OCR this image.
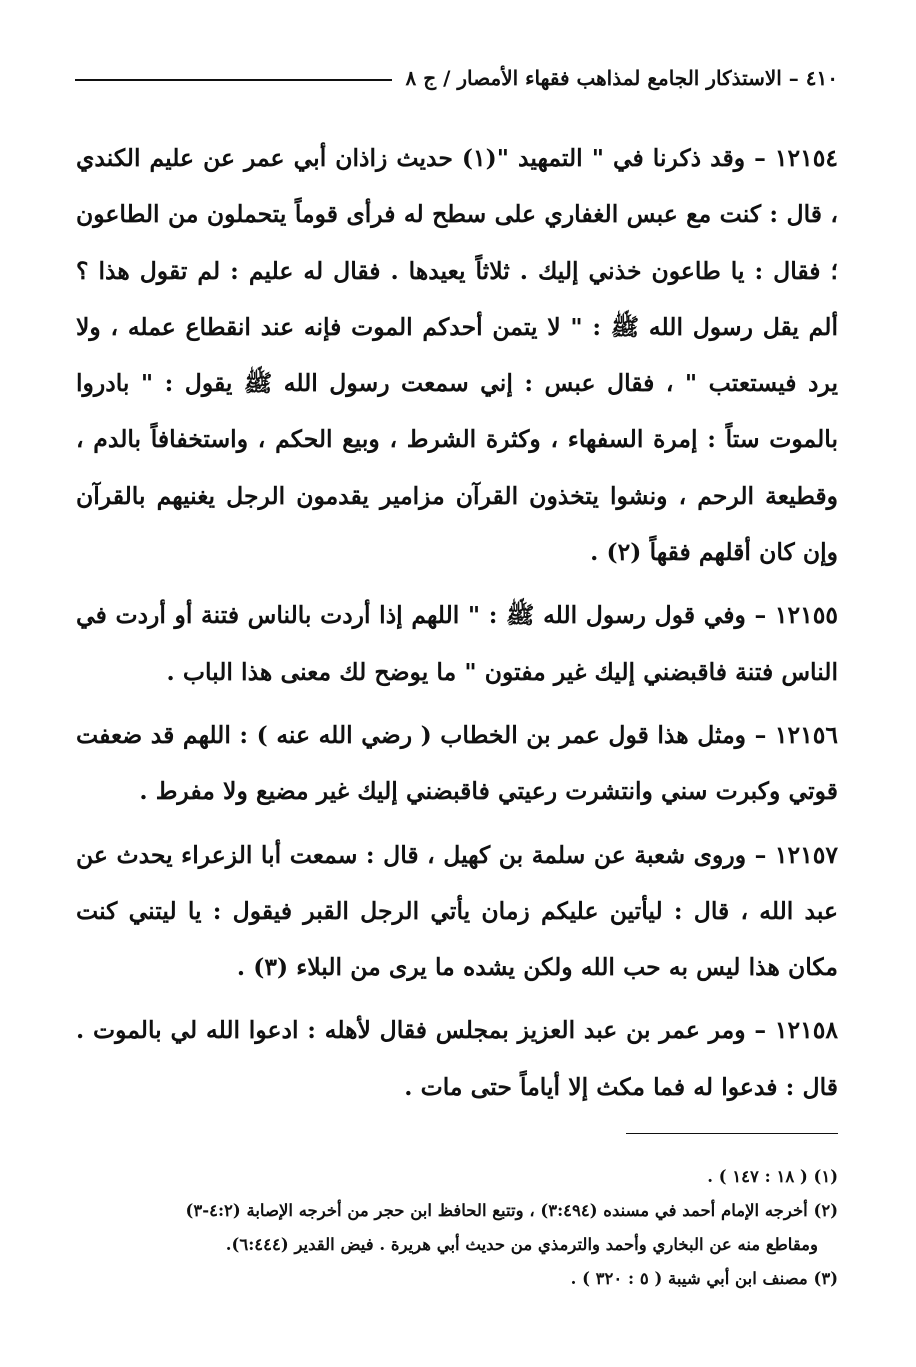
٤١٠ – الاستذكار الجامع لمذاهب فقهاء الأمصار / ج ٨

١٢١٥٤ – وقد ذكرنا في " التمهيد "(١) حديث زاذان أبي عمر عن عليم الكندي ، قال : كنت مع عبس الغفاري على سطح له فرأى قوماً يتحملون من الطاعون ؛ فقال : يا طاعون خذني إليك . ثلاثاً يعيدها . فقال له عليم : لم تقول هذا ؟ ألم يقل رسول الله ﷺ : " لا يتمن أحدكم الموت فإنه عند انقطاع عمله ، ولا يرد فيستعتب " ، فقال عبس : إني سمعت رسول الله ﷺ يقول : " بادروا بالموت ستاً : إمرة السفهاء ، وكثرة الشرط ، وبيع الحكم ، واستخفافاً بالدم ، وقطيعة الرحم ، ونشوا يتخذون القرآن مزامير يقدمون الرجل يغنيهم بالقرآن وإن كان أقلهم فقهاً (٢) .

١٢١٥٥ – وفي قول رسول الله ﷺ : " اللهم إذا أردت بالناس فتنة أو أردت في الناس فتنة فاقبضني إليك غير مفتون " ما يوضح لك معنى هذا الباب .

١٢١٥٦ – ومثل هذا قول عمر بن الخطاب ( رضي الله عنه ) : اللهم قد ضعفت قوتي وكبرت سني وانتشرت رعيتي فاقبضني إليك غير مضيع ولا مفرط .

١٢١٥٧ – وروى شعبة عن سلمة بن كهيل ، قال : سمعت أبا الزعراء يحدث عن عبد الله ، قال : ليأتين عليكم زمان يأتي الرجل القبر فيقول : يا ليتني كنت مكان هذا ليس به حب الله ولكن يشده ما يرى من البلاء (٣) .

١٢١٥٨ – ومر عمر بن عبد العزيز بمجلس فقال لأهله : ادعوا الله لي بالموت . قال : فدعوا له فما مكث إلا أياماً حتى مات .

(١) ( ١٨ : ١٤٧ ) .

(٢) أخرجه الإمام أحمد في مسنده (٣:٤٩٤) ، وتتبع الحافظ ابن حجر من أخرجه الإصابة (٤:٢-٣)

ومقاطع منه عن البخاري وأحمد والترمذي من حديث أبي هريرة . فيض القدير (٦:٤٤٤).

(٣) مصنف ابن أبي شيبة ( ٥ : ٣٢٠ ) .
